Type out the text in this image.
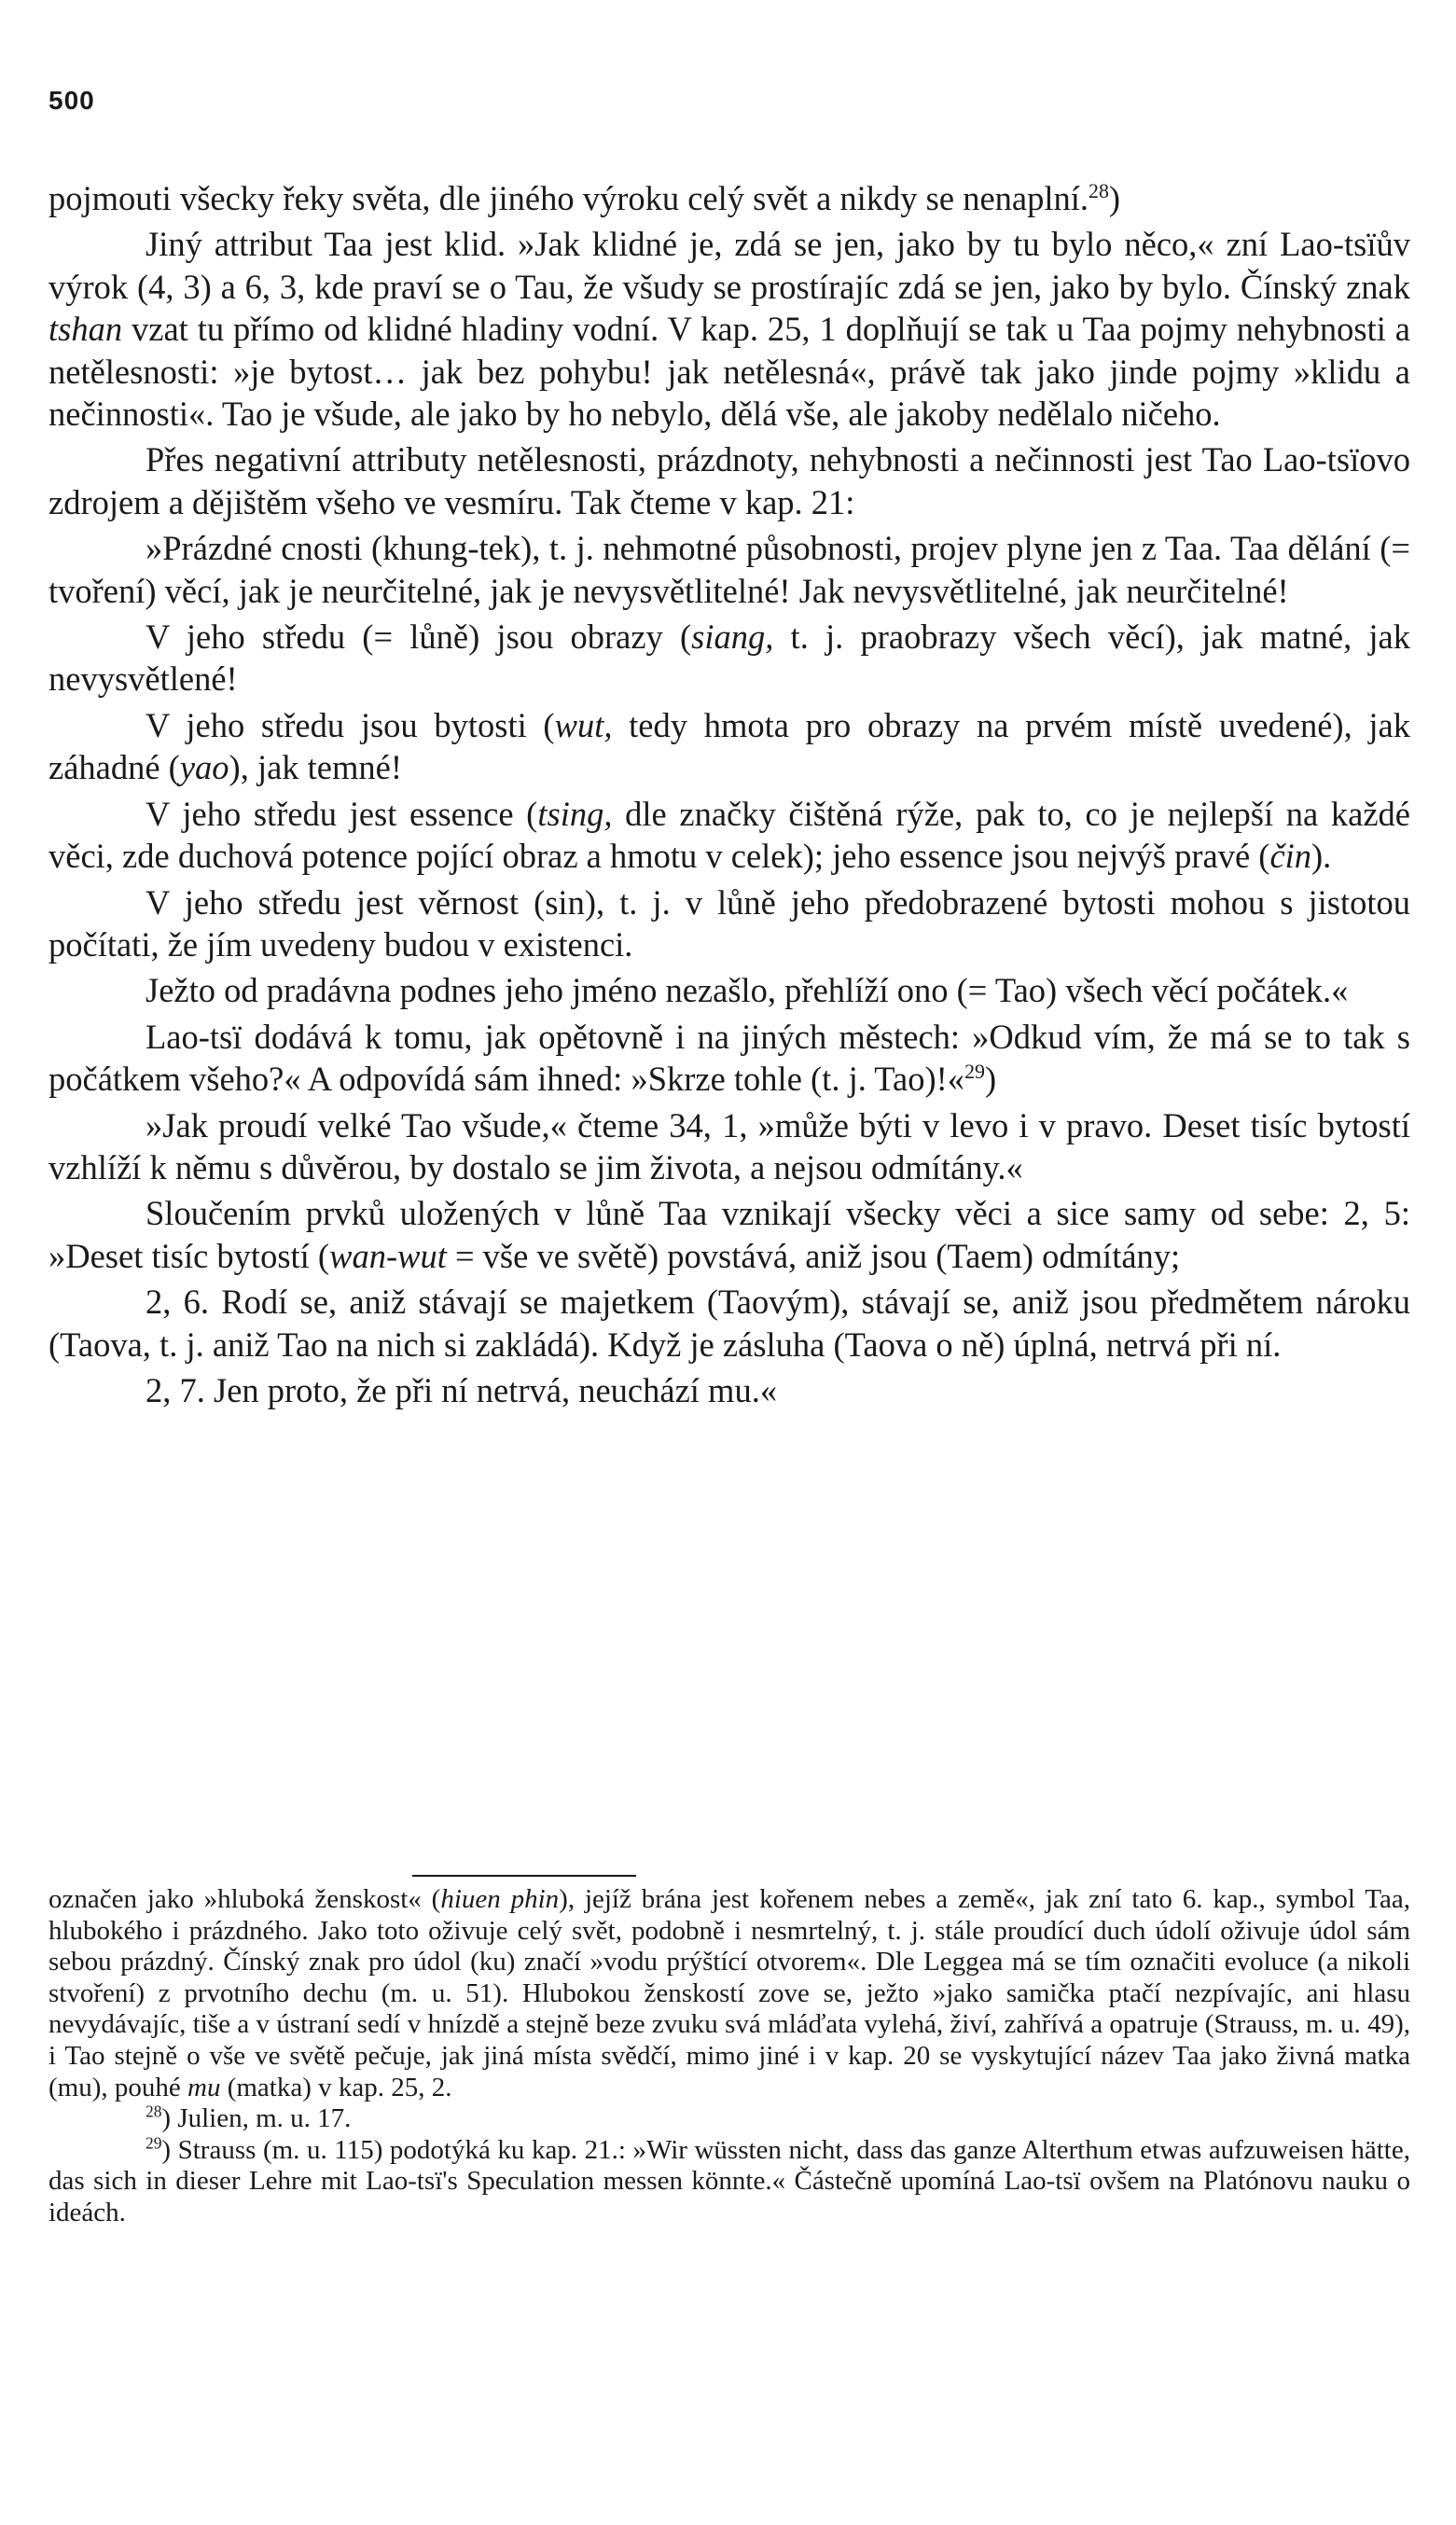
500

pojmouti všecky řeky světa, dle jiného výroku celý svět a nikdy se nenaplní.$^{28}$)

Jiný attribut Taa jest klid. »Jak klidné je, zdá se jen, jako by tu bylo něco,« zní Lao-tsïův výrok (4, 3) a 6, 3, kde praví se o Tau, že všudy se prostírajíc zdá se jen, jako by bylo. Čínský znak tshan vzat tu přímo od klidné hladiny vodní. V kap. 25, 1 doplňují se tak u Taa pojmy nehybnosti a netělesnosti: »je bytost… jak bez pohybu! jak netělesná«, právě tak jako jinde pojmy »klidu a nečinnosti«. Tao je všude, ale jako by ho nebylo, dělá vše, ale jakoby nedělalo ničeho.

Přes negativní attributy netělesnosti, prázdnoty, nehybnosti a nečinnosti jest Tao Lao-tsïovo zdrojem a dějištěm všeho ve vesmíru. Tak čteme v kap. 21:

»Prázdné cnosti (khung-tek), t. j. nehmotné působnosti, projev plyne jen z Taa. Taa dělání (= tvoření) věcí, jak je neurčitelné, jak je nevysvětlitelné! Jak nevysvětlitelné, jak neurčitelné!

V jeho středu (= lůně) jsou obrazy (siang, t. j. praobrazy všech věcí), jak matné, jak nevysvětlené!

V jeho středu jsou bytosti (wut, tedy hmota pro obrazy na prvém místě uvedené), jak záhadné (yao), jak temné!

V jeho středu jest essence (tsing, dle značky čištěná rýže, pak to, co je nejlepší na každé věci, zde duchová potence pojící obraz a hmotu v celek); jeho essence jsou nejvýš pravé (čin).

V jeho středu jest věrnost (sin), t. j. v lůně jeho předobrazené bytosti mohou s jistotou počítati, že jím uvedeny budou v existenci.

Ježto od pradávna podnes jeho jméno nezašlo, přehlíží ono (= Tao) všech věcí počátek.«

Lao-tsï dodává k tomu, jak opětovně i na jiných městech: »Odkud vím, že má se to tak s počátkem všeho?« A odpovídá sám ihned: »Skrze tohle (t. j. Tao)!«$^{29}$)

»Jak proudí velké Tao všude,« čteme 34, 1, »může býti v levo i v pravo. Deset tisíc bytostí vzhlíží k němu s důvěrou, by dostalo se jim života, a nejsou odmítány.«

Sloučením prvků uložených v lůně Taa vznikají všecky věci a sice samy od sebe: 2, 5: »Deset tisíc bytostí (wan-wut = vše ve světě) povstává, aniž jsou (Taem) odmítány;

2, 6. Rodí se, aniž stávají se majetkem (Taovým), stávají se, aniž jsou předmětem nároku (Taova, t. j. aniž Tao na nich si zakládá). Když je zásluha (Taova o ně) úplná, netrvá při ní.

2, 7. Jen proto, že při ní netrvá, neuchází mu.«

označen jako »hluboká ženskost« (hiuen phin), jejíž brána jest kořenem nebes a země«, jak zní tato 6. kap., symbol Taa, hlubokého i prázdného. Jako toto oživuje celý svět, podobně i nesmrtelný, t. j. stále proudící duch údolí oživuje údol sám sebou prázdný. Čínský znak pro údol (ku) značí »vodu prýštící otvorem«. Dle Leggea má se tím označiti evoluce (a nikoli stvoření) z prvotního dechu (m. u. 51). Hlubokou ženskostí zove se, ježto »jako samička ptačí nezpívajíc, ani hlasu nevydávajíc, tiše a v ústraní sedí v hnízdě a stejně beze zvuku svá mláďata vylehá, živí, zahřívá a opatruje (Strauss, m. u. 49), i Tao stejně o vše ve světě pečuje, jak jiná místa svědčí, mimo jiné i v kap. 20 se vyskytující název Taa jako živná matka (mu), pouhé mu (matka) v kap. 25, 2.

$^{28}$) Julien, m. u. 17.

$^{29}$) Strauss (m. u. 115) podotýká ku kap. 21.: »Wir wüssten nicht, dass das ganze Alterthum etwas aufzuweisen hätte, das sich in dieser Lehre mit Lao-tsï's Speculation messen könnte.« Částečně upomíná Lao-tsï ovšem na Platónovu nauku o ideách.
